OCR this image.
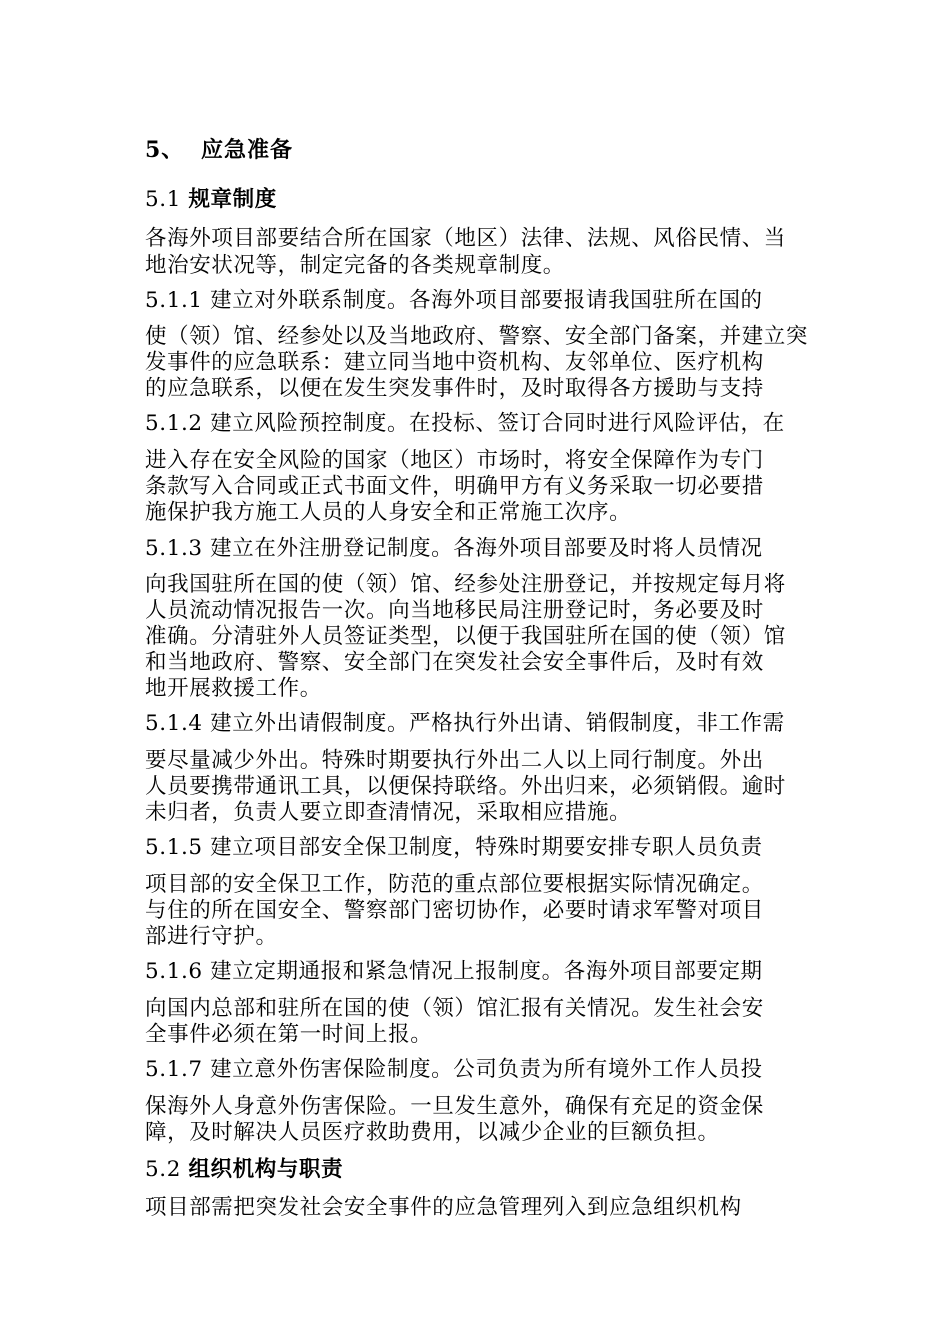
5、 应急准备
5.1 规章制度
各海外项目部要结合所在国家（地区）法律、法规、风俗民情、当
地治安状况等，制定完备的各类规章制度。
5.1.1 建立对外联系制度。各海外项目部要报请我国驻所在国的
使（领）馆、经参处以及当地政府、警察、安全部门备案，并建立突
发事件的应急联系：建立同当地中资机构、友邻单位、医疗机构
的应急联系，以便在发生突发事件时，及时取得各方援助与支持
5.1.2 建立风险预控制度。在投标、签订合同时进行风险评估，在
进入存在安全风险的国家（地区）市场时，将安全保障作为专门
条款写入合同或正式书面文件，明确甲方有义务采取一切必要措
施保护我方施工人员的人身安全和正常施工次序。
5.1.3 建立在外注册登记制度。各海外项目部要及时将人员情况
向我国驻所在国的使（领）馆、经参处注册登记，并按规定每月将
人员流动情况报告一次。向当地移民局注册登记时，务必要及时
准确。分清驻外人员签证类型，以便于我国驻所在国的使（领）馆
和当地政府、警察、安全部门在突发社会安全事件后，及时有效
地开展救援工作。
5.1.4 建立外出请假制度。严格执行外出请、销假制度，非工作需
要尽量减少外出。特殊时期要执行外出二人以上同行制度。外出
人员要携带通讯工具，以便保持联络。外出归来，必须销假。逾时
未归者，负责人要立即查清情况，采取相应措施。
5.1.5 建立项目部安全保卫制度，特殊时期要安排专职人员负责
项目部的安全保卫工作，防范的重点部位要根据实际情况确定。
与住的所在国安全、警察部门密切协作，必要时请求军警对项目
部进行守护。
5.1.6 建立定期通报和紧急情况上报制度。各海外项目部要定期
向国内总部和驻所在国的使（领）馆汇报有关情况。发生社会安
全事件必须在第一时间上报。
5.1.7 建立意外伤害保险制度。公司负责为所有境外工作人员投
保海外人身意外伤害保险。一旦发生意外，确保有充足的资金保
障，及时解决人员医疗救助费用，以减少企业的巨额负担。
5.2 组织机构与职责
项目部需把突发社会安全事件的应急管理列入到应急组织机构
